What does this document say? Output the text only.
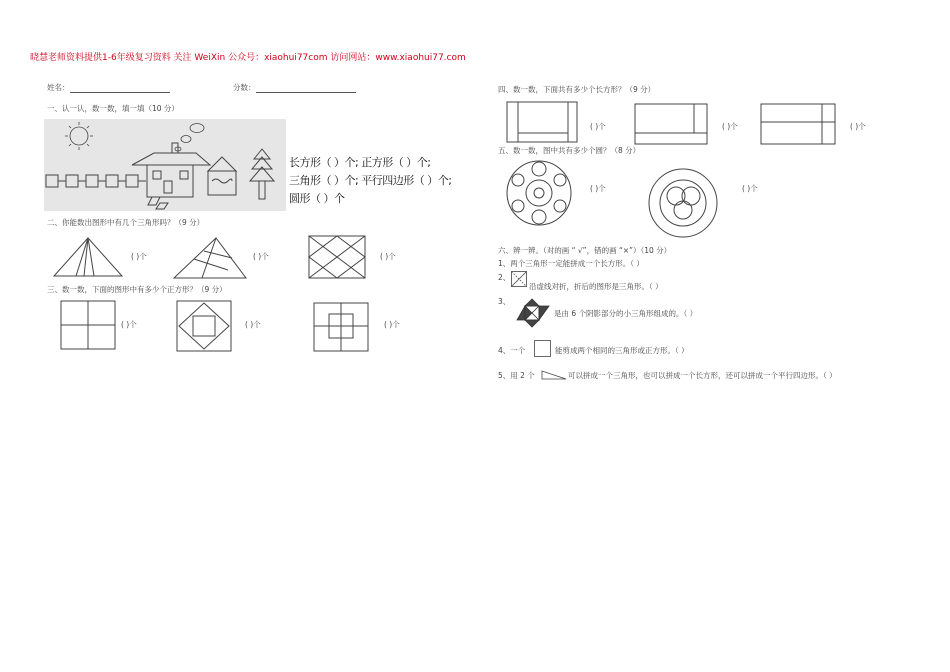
晓慧老师资料提供1-6年级复习资料 关注 WeiXin 公众号：xiaohui77com 访问网站：www.xiaohui77.com
姓名：	分数：
一、认一认，数一数，填一填（10 分）
长方形（ ）个; 正方形（ ）个;
三角形（ ）个; 平行四边形（ ）个;
圆形（ ）个
二、你能数出图形中有几个三角形吗？（9 分）
( )个	( )个	( )个
三、数一数，下面的图形中有多少个正方形？（9 分）
( )个	( )个	( )个
四、数一数，下面共有多少个长方形？（9 分）
( )个	( )个	( )个
五、数一数，图中共有多少个圆？（8 分）
( )个	( )个
六、辨一辨。（对的画 “ √”，错的画 “×”）（10 分）
1、两个三角形一定能拼成一个长方形。（ ）
2、
沿虚线对折，折后的图形是三角形。（ ）
3、
是由 6 个阴影部分的小三角形组成的。（ ）
4、一个	能剪成两个相同的三角形或正方形。（ ）
5、用 2 个	可以拼成一个三角形，也可以拼成一个长方形，还可以拼成一个平行四边形。（ ）
